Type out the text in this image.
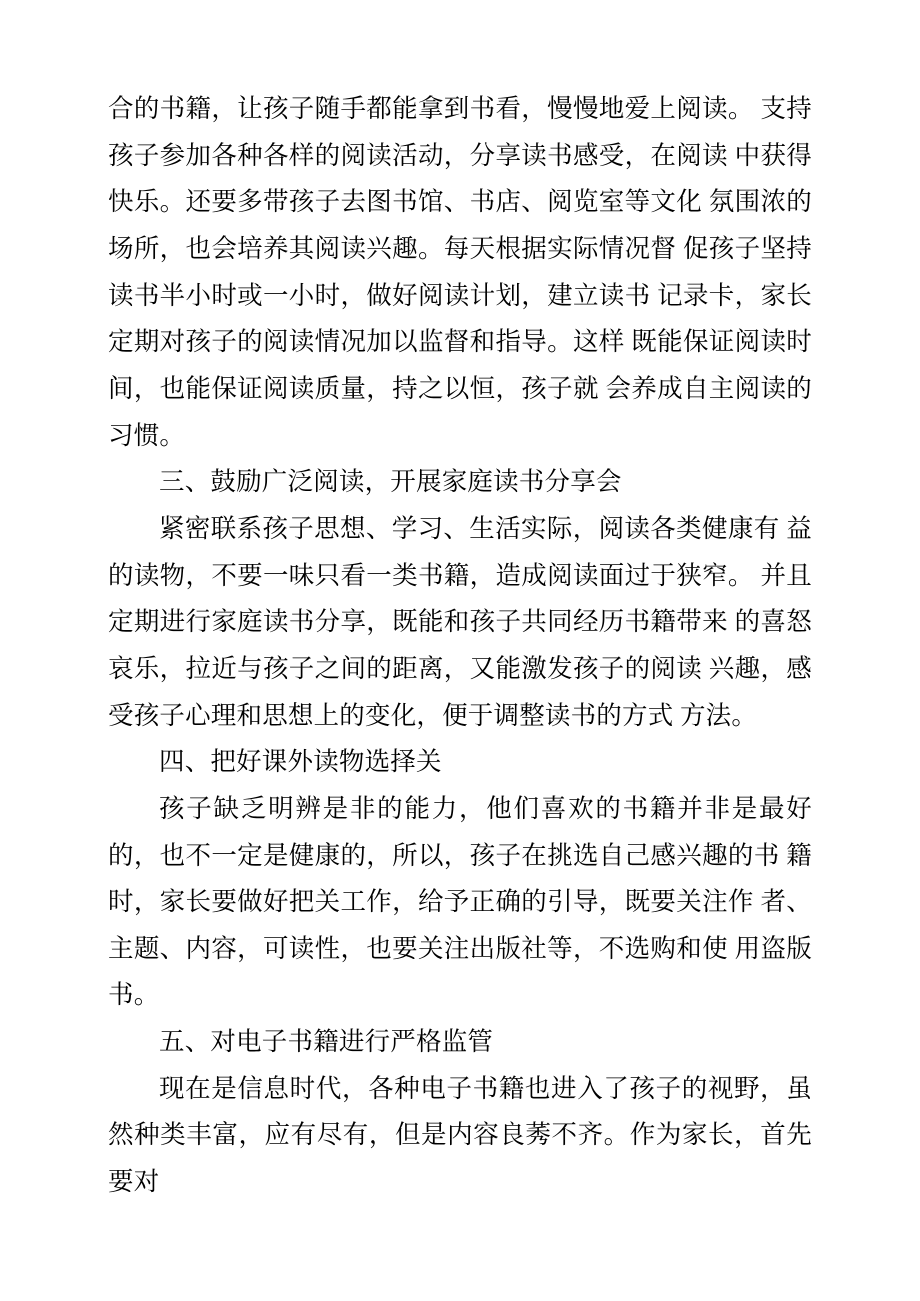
合的书籍，让孩子随手都能拿到书看，慢慢地爱上阅读。 支持孩子参加各种各样的阅读活动，分享读书感受，在阅读 中获得快乐。还要多带孩子去图书馆、书店、阅览室等文化 氛围浓的场所，也会培养其阅读兴趣。每天根据实际情况督 促孩子坚持读书半小时或一小时，做好阅读计划，建立读书 记录卡，家长定期对孩子的阅读情况加以监督和指导。这样 既能保证阅读时间，也能保证阅读质量，持之以恒，孩子就 会养成自主阅读的习惯。

三、鼓励广泛阅读，开展家庭读书分享会

紧密联系孩子思想、学习、生活实际，阅读各类健康有 益的读物，不要一味只看一类书籍，造成阅读面过于狭窄。 并且定期进行家庭读书分享，既能和孩子共同经历书籍带来 的喜怒哀乐，拉近与孩子之间的距离，又能激发孩子的阅读 兴趣，感受孩子心理和思想上的变化，便于调整读书的方式 方法。

四、把好课外读物选择关

孩子缺乏明辨是非的能力，他们喜欢的书籍并非是最好 的，也不一定是健康的，所以，孩子在挑选自己感兴趣的书 籍时，家长要做好把关工作，给予正确的引导，既要关注作 者、主题、内容，可读性，也要关注出版社等，不选购和使 用盗版书。

五、对电子书籍进行严格监管

现在是信息时代，各种电子书籍也进入了孩子的视野，虽然种类丰富，应有尽有，但是内容良莠不齐。作为家长，首先要对
